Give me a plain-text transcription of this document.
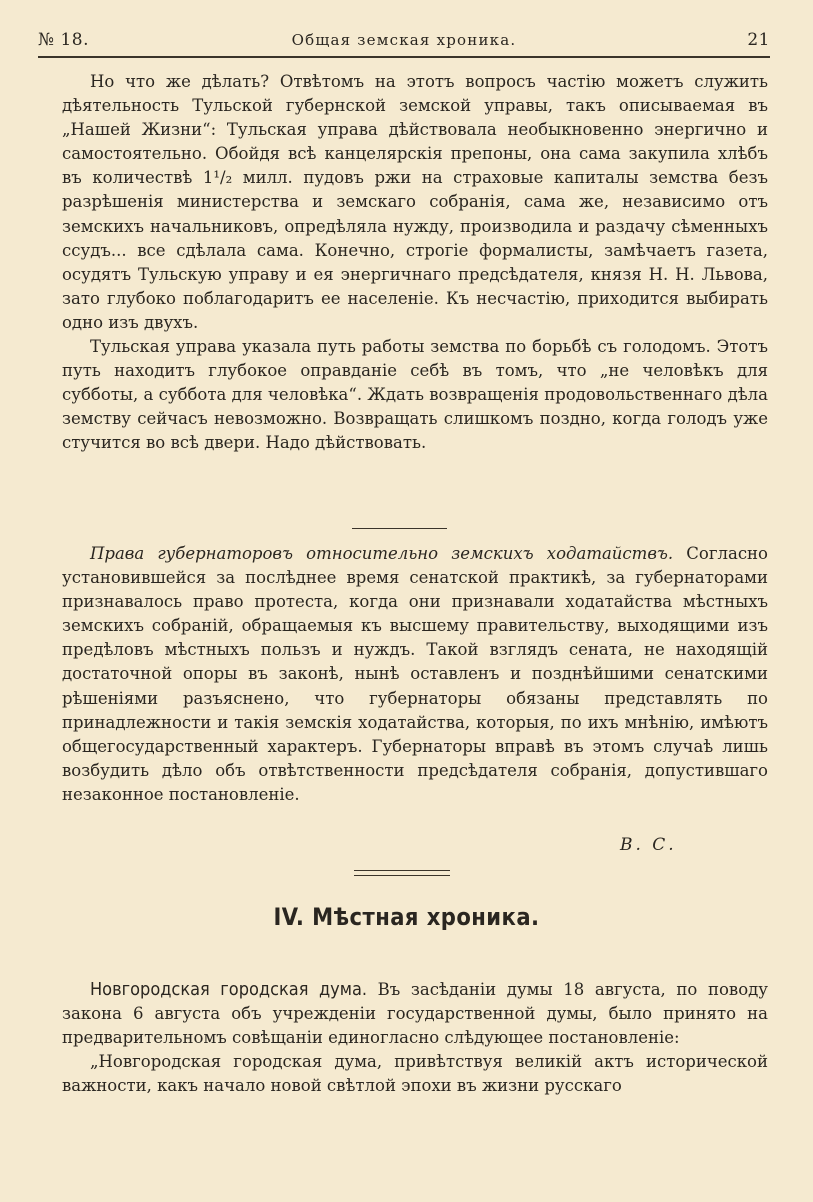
№ 18.	Общая земская хроника.	21

Но что же дѣлать? Отвѣтомъ на этотъ вопросъ частію можетъ служить дѣятельность Тульской губернской земской управы, такъ описываемая въ „Нашей Жизни“: Тульская управа дѣйствовала необыкновенно энергично и самостоятельно. Обойдя всѣ канцелярскія препоны, она сама закупила хлѣбъ въ количествѣ 1¹/₂ милл. пудовъ ржи на страховые капиталы земства безъ разрѣшенія министерства и земскаго собранія, сама же, независимо отъ земскихъ начальниковъ, опредѣляла нужду, производила и раздачу сѣменныхъ ссудъ... все сдѣлала сама. Конечно, строгіе формалисты, замѣчаетъ газета, осудятъ Тульскую управу и ея энергичнаго предсѣдателя, князя Н. Н. Львова, зато глубоко поблагодаритъ ее населеніе. Къ несчастію, приходится выбирать одно изъ двухъ.

Тульская управа указала путь работы земства по борьбѣ съ голодомъ. Этотъ путь находитъ глубокое оправданіе себѣ въ томъ, что „не человѣкъ для субботы, а суббота для человѣка“. Ждать возвращенія продовольственнаго дѣла земству сейчасъ невозможно. Возвращать слишкомъ поздно, когда голодъ уже стучится во всѣ двери. Надо дѣйствовать.

Права губернаторовъ относительно земскихъ ходатайствъ. Согласно установившейся за послѣднее время сенатской практикѣ, за губернаторами признавалось право протеста, когда они признавали ходатайства мѣстныхъ земскихъ собраній, обращаемыя къ высшему правительству, выходящими изъ предѣловъ мѣстныхъ пользъ и нуждъ. Такой взглядъ сената, не находящій достаточной опоры въ законѣ, нынѣ оставленъ и позднѣйшими сенатскими рѣшеніями разъяснено, что губернаторы обязаны представлять по принадлежности и такія земскія ходатайства, которыя, по ихъ мнѣнію, имѣютъ общегосударственный характеръ. Губернаторы вправѣ въ этомъ случаѣ лишь возбудить дѣло объ отвѣтственности предсѣдателя собранія, допустившаго незаконное постановленіе.

В. С.
IV. Мѣстная хроника.

Новгородская городская дума. Въ засѣданіи думы 18 августа, по поводу закона 6 августа объ учрежденіи государственной думы, было принято на предварительномъ совѣщаніи единогласно слѣдующее постановленіе:

„Новгородская городская дума, привѣтствуя великій актъ исторической важности, какъ начало новой свѣтлой эпохи въ жизни русскаго
